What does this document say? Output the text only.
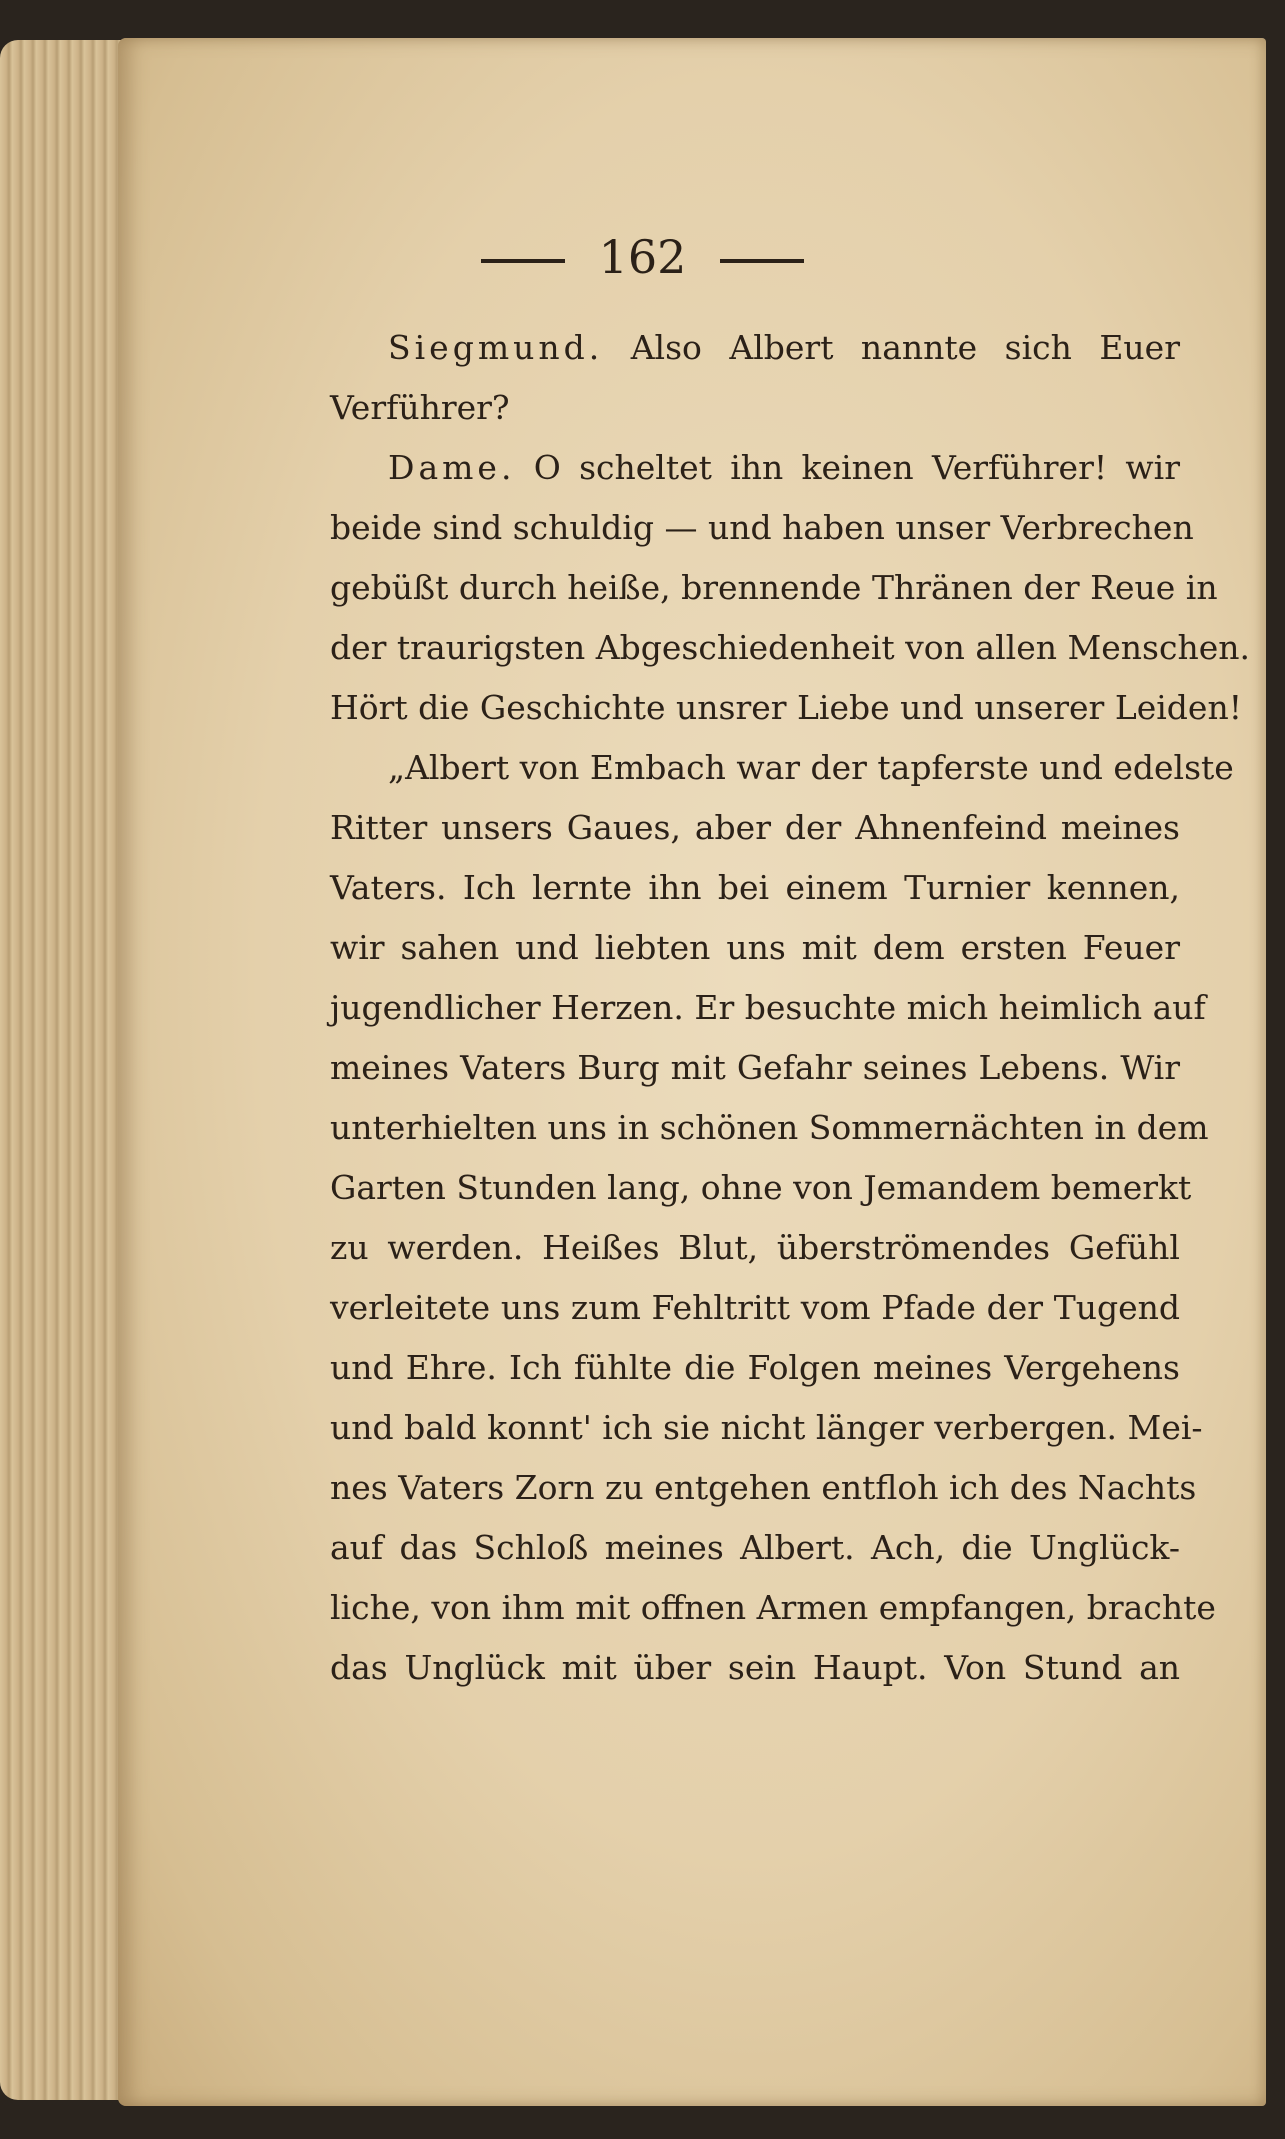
162
Siegmund. Also Albert nannte sich Euer
Verführer?
Dame. O scheltet ihn keinen Verführer! wir
beide sind schuldig — und haben unser Verbrechen
gebüßt durch heiße, brennende Thränen der Reue in
der traurigsten Abgeschiedenheit von allen Menschen.
Hört die Geschichte unsrer Liebe und unserer Leiden!
„Albert von Embach war der tapferste und edelste
Ritter unsers Gaues, aber der Ahnenfeind meines
Vaters. Ich lernte ihn bei einem Turnier kennen,
wir sahen und liebten uns mit dem ersten Feuer
jugendlicher Herzen. Er besuchte mich heimlich auf
meines Vaters Burg mit Gefahr seines Lebens. Wir
unterhielten uns in schönen Sommernächten in dem
Garten Stunden lang, ohne von Jemandem bemerkt
zu werden. Heißes Blut, überströmendes Gefühl
verleitete uns zum Fehltritt vom Pfade der Tugend
und Ehre. Ich fühlte die Folgen meines Vergehens
und bald konnt' ich sie nicht länger verbergen. Mei-
nes Vaters Zorn zu entgehen entfloh ich des Nachts
auf das Schloß meines Albert. Ach, die Unglück-
liche, von ihm mit offnen Armen empfangen, brachte
das Unglück mit über sein Haupt. Von Stund an
